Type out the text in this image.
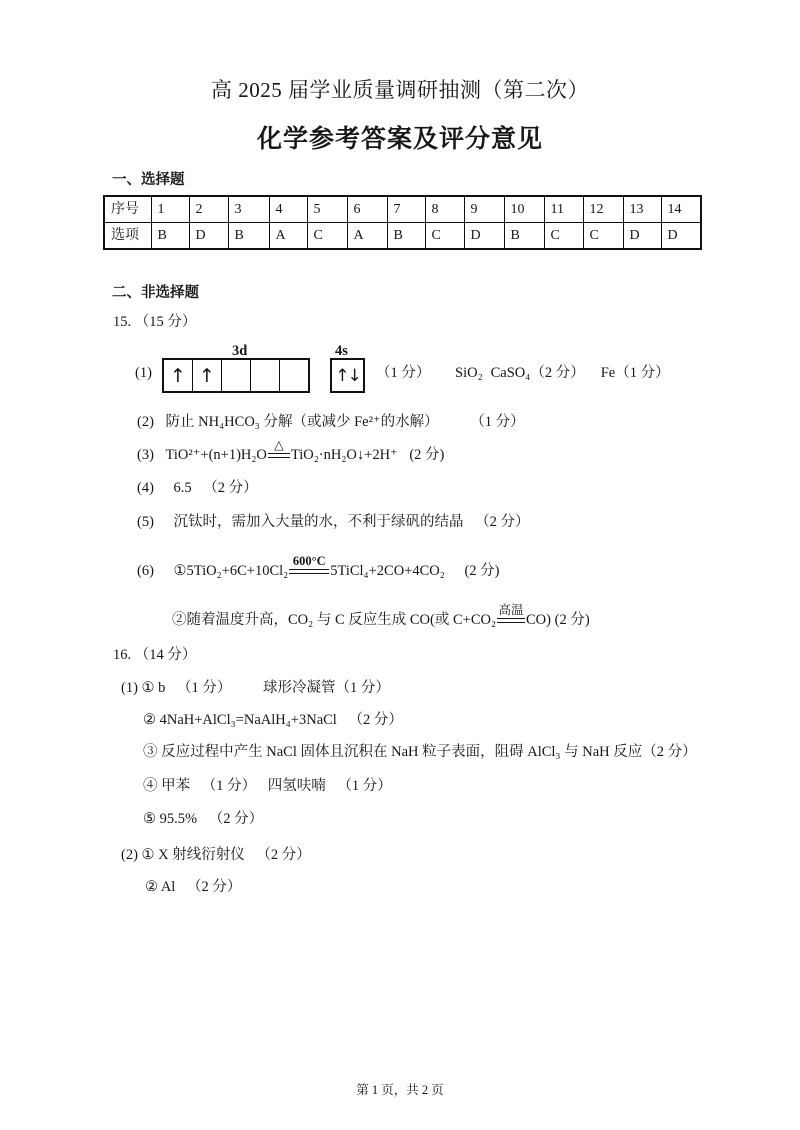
高 2025 届学业质量调研抽测（第二次）
化学参考答案及评分意见
一、选择题
序号	1	2	3	4	5	6	7	8	9	10	11	12	13	14
选项	B	D	B	A	C	A	B	C	D	B	C	C	D	D
二、非选择题
15. （15 分）
3d	4s
(1) ↑ ↑	↑↓ （1 分） SiO₂ CaSO₄（2 分） Fe（1 分）
(2) 防止 NH₄HCO₃ 分解（或减少 Fe²⁺的水解） （1 分）
(3) TiO²⁺+(n+1)H₂O
△
TiO₂·nH₂O↓+2H⁺ (2 分)
(4) 6.5 （2 分）
(5) 沉钛时，需加入大量的水，不利于绿矾的结晶 （2 分）
(6) ①5TiO₂+6C+10Cl₂
600°C
5TiCl₄+2CO+4CO₂ (2 分)
②随着温度升高，CO₂ 与 C 反应生成 CO(或 C+CO₂
高温
CO) (2 分)
16. （14 分）
(1) ① b （1 分） 球形冷凝管（1 分）
② 4NaH+AlCl₃=NaAlH₄+3NaCl （2 分）
③ 反应过程中产生 NaCl 固体且沉积在 NaH 粒子表面，阻碍 AlCl₃ 与 NaH 反应（2 分）
④ 甲苯 （1 分） 四氢呋喃 （1 分）
⑤ 95.5% （2 分）
(2) ① X 射线衍射仪 （2 分）
② Al （2 分）
第 1 页，共 2 页
